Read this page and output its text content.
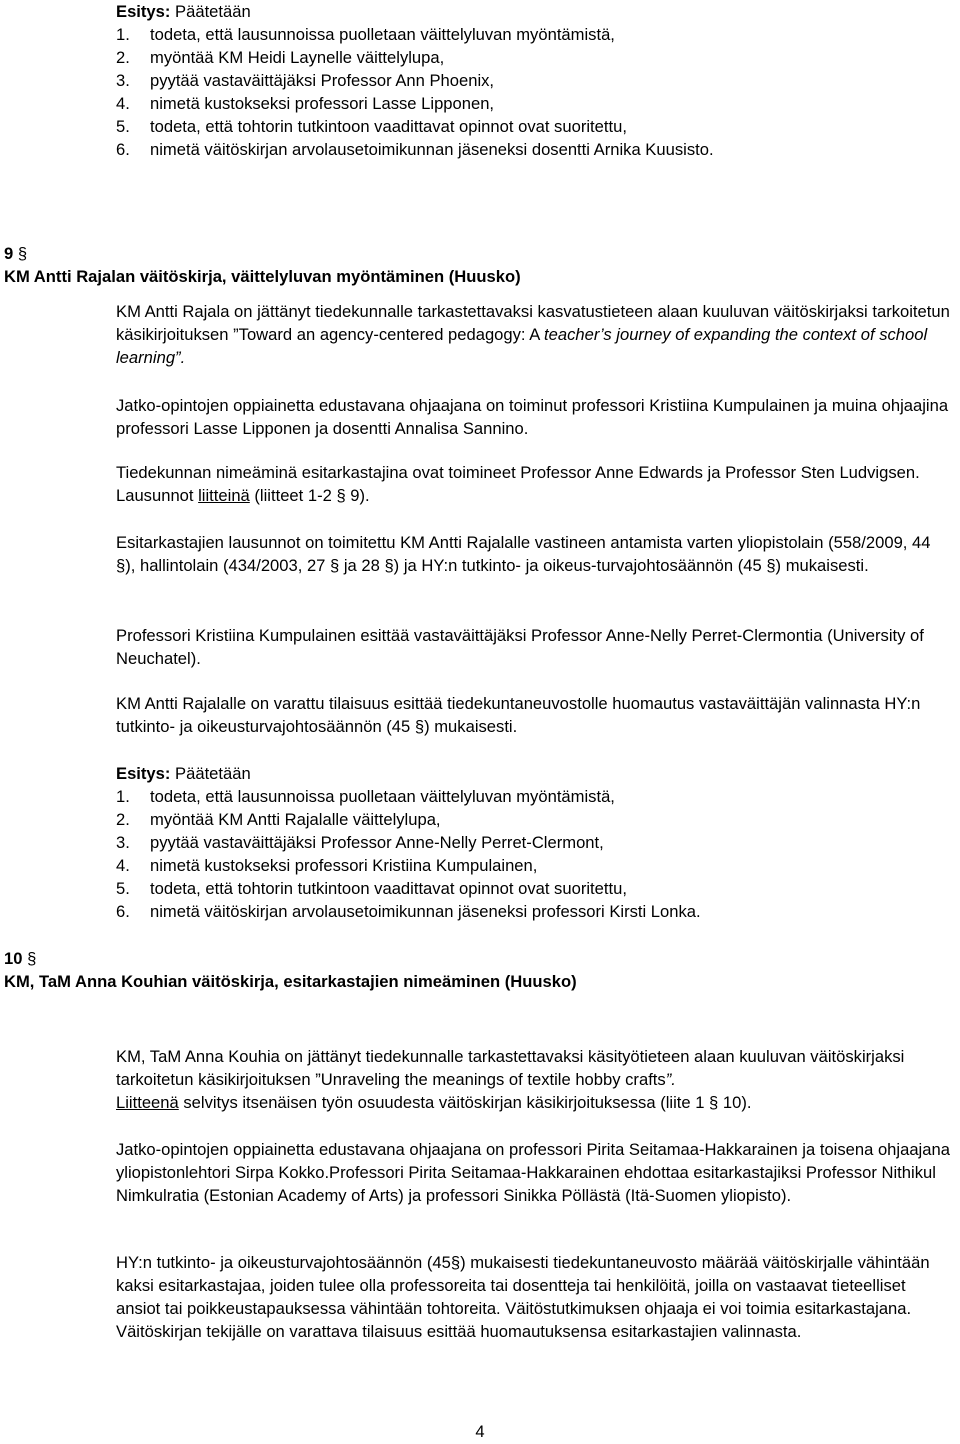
Esitys: Päätetään
1. todeta, että lausunnoissa puolletaan väittelyluvan myöntämistä,
2. myöntää KM Heidi Laynelle väittelylupa,
3. pyytää vastaväittäjäksi Professor Ann Phoenix,
4. nimetä kustokseksi professori Lasse Lipponen,
5. todeta, että tohtorin tutkintoon vaadittavat opinnot ovat suoritettu,
6. nimetä väitöskirjan arvolausetoimikunnan jäseneksi dosentti Arnika Kuusisto.
9 §
KM Antti Rajalan väitöskirja, väittelyluvan myöntäminen (Huusko)

KM Antti Rajala on jättänyt tiedekunnalle tarkastettavaksi kasvatustieteen alaan kuuluvan väitöskirjaksi tarkoitetun käsikirjoituksen ”Toward an agency-centered pedagogy: A teacher’s journey of expanding the context of school learning”.

Jatko-opintojen oppiainetta edustavana ohjaajana on toiminut professori Kristiina Kumpulainen ja muina ohjaajina professori Lasse Lipponen ja dosentti Annalisa Sannino.

Tiedekunnan nimeäminä esitarkastajina ovat toimineet Professor Anne Edwards ja Professor Sten Ludvigsen. Lausunnot liitteinä (liitteet 1-2 § 9).

Esitarkastajien lausunnot on toimitettu KM Antti Rajalalle vastineen antamista varten yliopistolain (558/2009, 44 §), hallintolain (434/2003, 27 § ja 28 §) ja HY:n tutkinto- ja oikeus-turvajohtosäännön (45 §) mukaisesti.

Professori Kristiina Kumpulainen esittää vastaväittäjäksi Professor Anne-Nelly Perret-Clermontia (University of Neuchatel).

KM Antti Rajalalle on varattu tilaisuus esittää tiedekuntaneuvostolle huomautus vastaväittäjän valinnasta HY:n tutkinto- ja oikeusturvajohtosäännön (45 §) mukaisesti.

Esitys: Päätetään
1. todeta, että lausunnoissa puolletaan väittelyluvan myöntämistä,
2. myöntää KM Antti Rajalalle väittelylupa,
3. pyytää vastaväittäjäksi Professor Anne-Nelly Perret-Clermont,
4. nimetä kustokseksi professori Kristiina Kumpulainen,
5. todeta, että tohtorin tutkintoon vaadittavat opinnot ovat suoritettu,
6. nimetä väitöskirjan arvolausetoimikunnan jäseneksi professori Kirsti Lonka.
10 §
KM, TaM Anna Kouhian väitöskirja, esitarkastajien nimeäminen (Huusko)

KM, TaM Anna Kouhia on jättänyt tiedekunnalle tarkastettavaksi käsityötieteen alaan kuuluvan väitöskirjaksi tarkoitetun käsikirjoituksen ”Unraveling the meanings of textile hobby crafts”.
Liitteenä selvitys itsenäisen työn osuudesta väitöskirjan käsikirjoituksessa (liite 1 § 10).

Jatko-opintojen oppiainetta edustavana ohjaajana on professori Pirita Seitamaa-Hakkarainen ja toisena ohjaajana yliopistonlehtori Sirpa Kokko.Professori Pirita Seitamaa-Hakkarainen ehdottaa esitarkastajiksi Professor Nithikul Nimkulratia (Estonian Academy of Arts) ja professori Sinikka Pöllästä (Itä-Suomen yliopisto).

HY:n tutkinto- ja oikeusturvajohtosäännön (45§) mukaisesti tiedekuntaneuvosto määrää väitöskirjalle vähintään kaksi esitarkastajaa, joiden tulee olla professoreita tai dosentteja tai henkilöitä, joilla on vastaavat tieteelliset ansiot tai poikkeustapauksessa vähintään tohtoreita. Väitöstutkimuksen ohjaaja ei voi toimia esitarkastajana. Väitöskirjan tekijälle on varattava tilaisuus esittää huomautuksensa esitarkastajien valinnasta.

4
